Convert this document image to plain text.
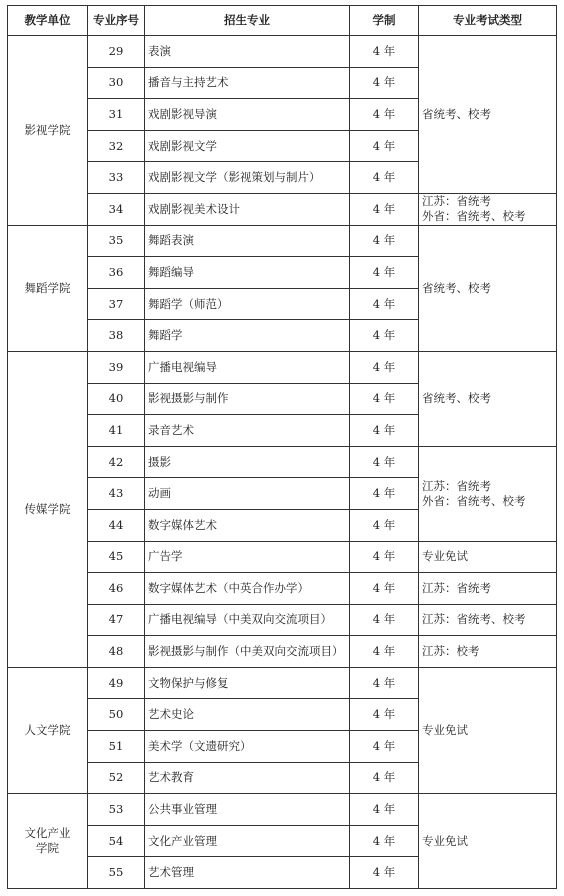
教学单位	专业序号	招生专业	学制	专业考试类型
影视学院	29	表演	4 年	省统考、校考
	30	播音与主持艺术	4 年	
	31	戏剧影视导演	4 年	
	32	戏剧影视文学	4 年	
	33	戏剧影视文学（影视策划与制片）	4 年	
	34	戏剧影视美术设计	4 年	江苏：省统考
外省：省统考、校考
舞蹈学院	35	舞蹈表演	4 年	省统考、校考
	36	舞蹈编导	4 年	
	37	舞蹈学（师范）	4 年	
	38	舞蹈学	4 年	
传媒学院	39	广播电视编导	4 年	省统考、校考
	40	影视摄影与制作	4 年	
	41	录音艺术	4 年	
	42	摄影	4 年	江苏：省统考
外省：省统考、校考
	43	动画	4 年	
	44	数字媒体艺术	4 年	
	45	广告学	4 年	专业免试
	46	数字媒体艺术（中英合作办学）	4 年	江苏：省统考
	47	广播电视编导（中美双向交流项目）	4 年	江苏：省统考、校考
	48	影视摄影与制作（中美双向交流项目）	4 年	江苏：校考
人文学院	49	文物保护与修复	4 年	专业免试
	50	艺术史论	4 年	
	51	美术学（文遗研究）	4 年	
	52	艺术教育	4 年	
文化产业
学院	53	公共事业管理	4 年	专业免试
	54	文化产业管理	4 年	
	55	艺术管理	4 年	
